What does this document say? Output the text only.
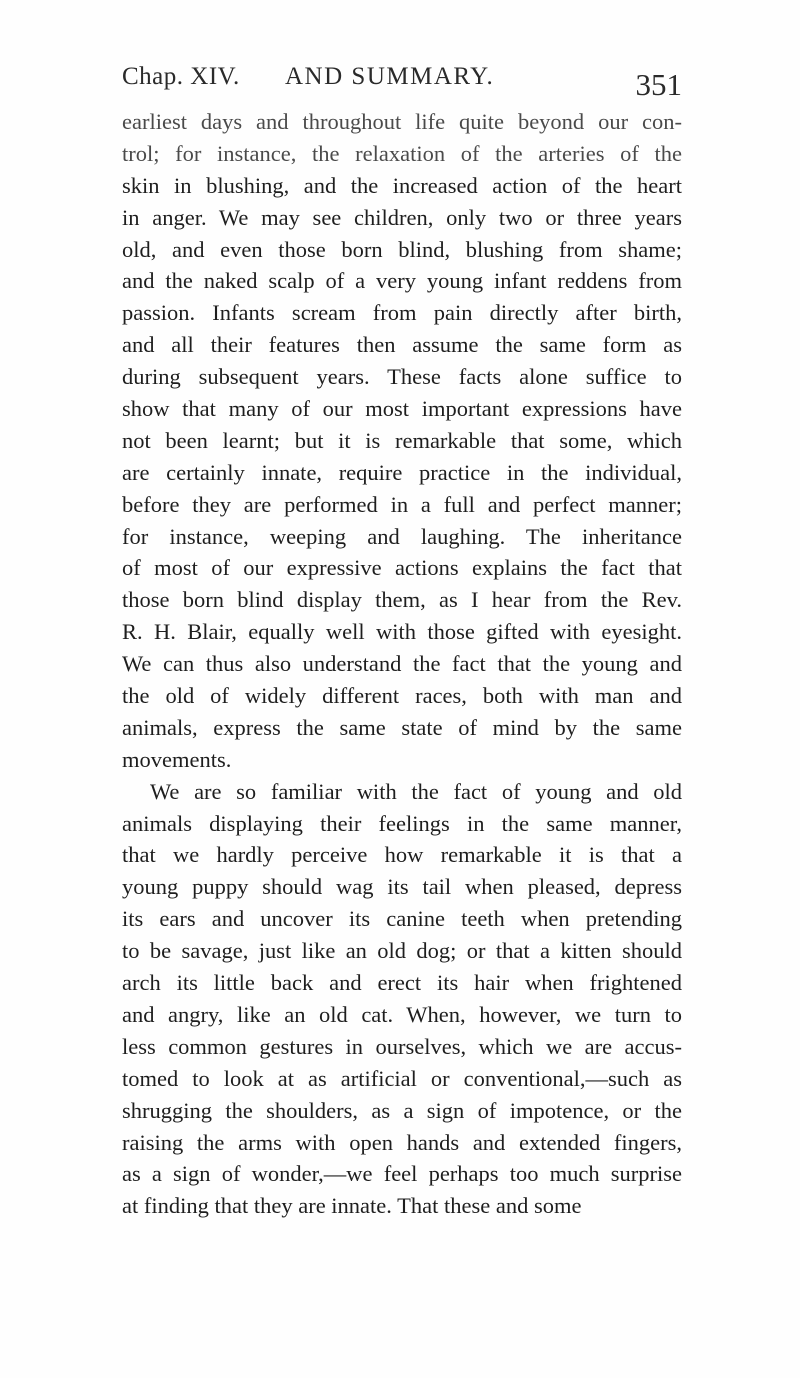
Chap. XIV. AND SUMMARY.	351
earliest days and throughout life quite beyond our con-
trol; for instance, the relaxation of the arteries of the
skin in blushing, and the increased action of the heart
in anger. We may see children, only two or three years
old, and even those born blind, blushing from shame;
and the naked scalp of a very young infant reddens from
passion. Infants scream from pain directly after birth,
and all their features then assume the same form as
during subsequent years. These facts alone suffice to
show that many of our most important expressions have
not been learnt; but it is remarkable that some, which
are certainly innate, require practice in the individual,
before they are performed in a full and perfect manner;
for instance, weeping and laughing. The inheritance
of most of our expressive actions explains the fact that
those born blind display them, as I hear from the Rev.
R. H. Blair, equally well with those gifted with eyesight.
We can thus also understand the fact that the young and
the old of widely different races, both with man and
animals, express the same state of mind by the same
movements.
We are so familiar with the fact of young and old
animals displaying their feelings in the same manner,
that we hardly perceive how remarkable it is that a
young puppy should wag its tail when pleased, depress
its ears and uncover its canine teeth when pretending
to be savage, just like an old dog; or that a kitten should
arch its little back and erect its hair when frightened
and angry, like an old cat. When, however, we turn to
less common gestures in ourselves, which we are accus-
tomed to look at as artificial or conventional,—such as
shrugging the shoulders, as a sign of impotence, or the
raising the arms with open hands and extended fingers,
as a sign of wonder,—we feel perhaps too much surprise
at finding that they are innate. That these and some
